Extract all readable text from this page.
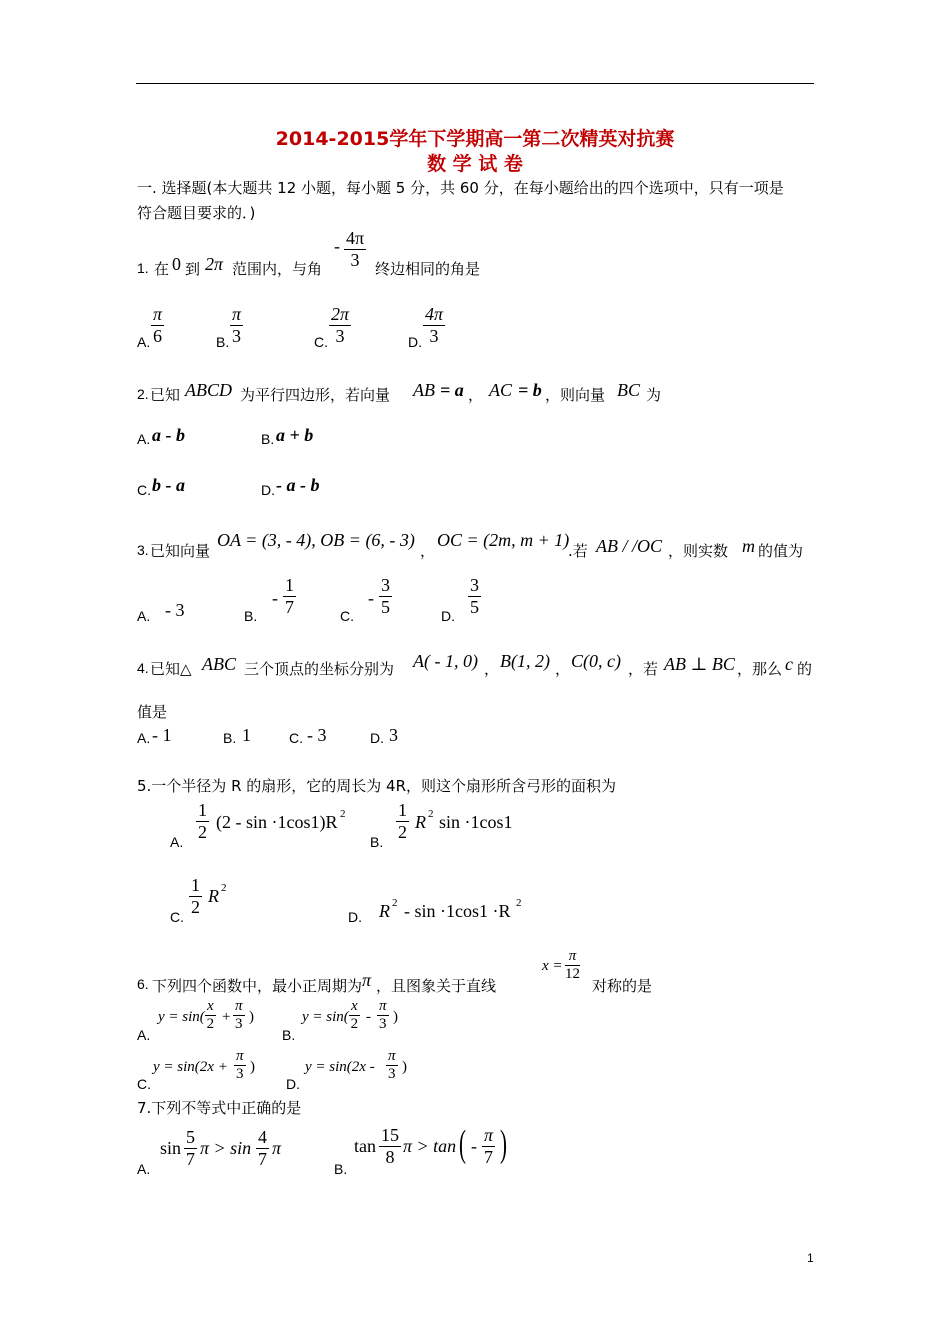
2014-2015学年下学期高一第二次精英对抗赛
数 学 试 卷
一. 选择题(本大题共 12 小题，每小题 5 分，共 60 分，在每小题给出的四个选项中，只有一项是
符合题目要求的．)
1. 在 0 到 2π 范围内，与角
- $\frac{4\pi}{3}$ 终边相同的角是
A. $\frac{\pi}{6}$	B. $\frac{\pi}{3}$	C. $\frac{2\pi}{3}$	D. $\frac{4\pi}{3}$
2. 已知 ABCD 为平行四边形，若向量 AB = a ， AC = b ，则向量 BC 为
A. a - b	B. a + b
C. b - a	D. - a - b
3. 已知向量
OA = (3, - 4), OB = (6, - 3)
，
OC = (2m, m + 1)
.若 AB / /OC ，则实数 m 的值为
A. - 3	B.
- $\frac{1}{7}$	C.
- $\frac{3}{5}$	D. $\frac{3}{5}$
4. 已知△ ABC 三个顶点的坐标分别为 A( - 1, 0) ， B(1, 2) ， C(0, c) ，若 AB ⊥ BC ，那么 c 的
值是
A. - 1	B. 1	C. - 3	D. 3
5.一个半径为 R 的扇形，它的周长为 4R，则这个扇形所含弓形的面积为
A. $\frac{1}{2} (2 - \sin \cdot 1\cos 1)R$ 2
B. $\frac{1}{2}$ R 2 sin ·1cos1
C. $\frac{1}{2}$ R 2
D. R 2 - sin ·1cos1 ·R 2
6. 下列四个函数中，最小正周期为 π ，且图象关于直线
$x = \frac{\pi}{12}$
对称的是
A.
$y = \sin( \frac{x}{2} + \frac{\pi}{3}$ )
B.
$y = \sin( \frac{x}{2} - \frac{\pi}{3}$ )
C.
$y = \sin(2x + \frac{\pi}{3}$ )
D.
$y = \sin(2x - \frac{\pi}{3}$ )
7.下列不等式中正确的是
A.
$\sin \frac{5}{7}$ $\pi > \sin \frac{4}{7}$ π
B.
$\tan \frac{15}{8}$ π > tan ( - $\frac{\pi}{7}$ )
1
